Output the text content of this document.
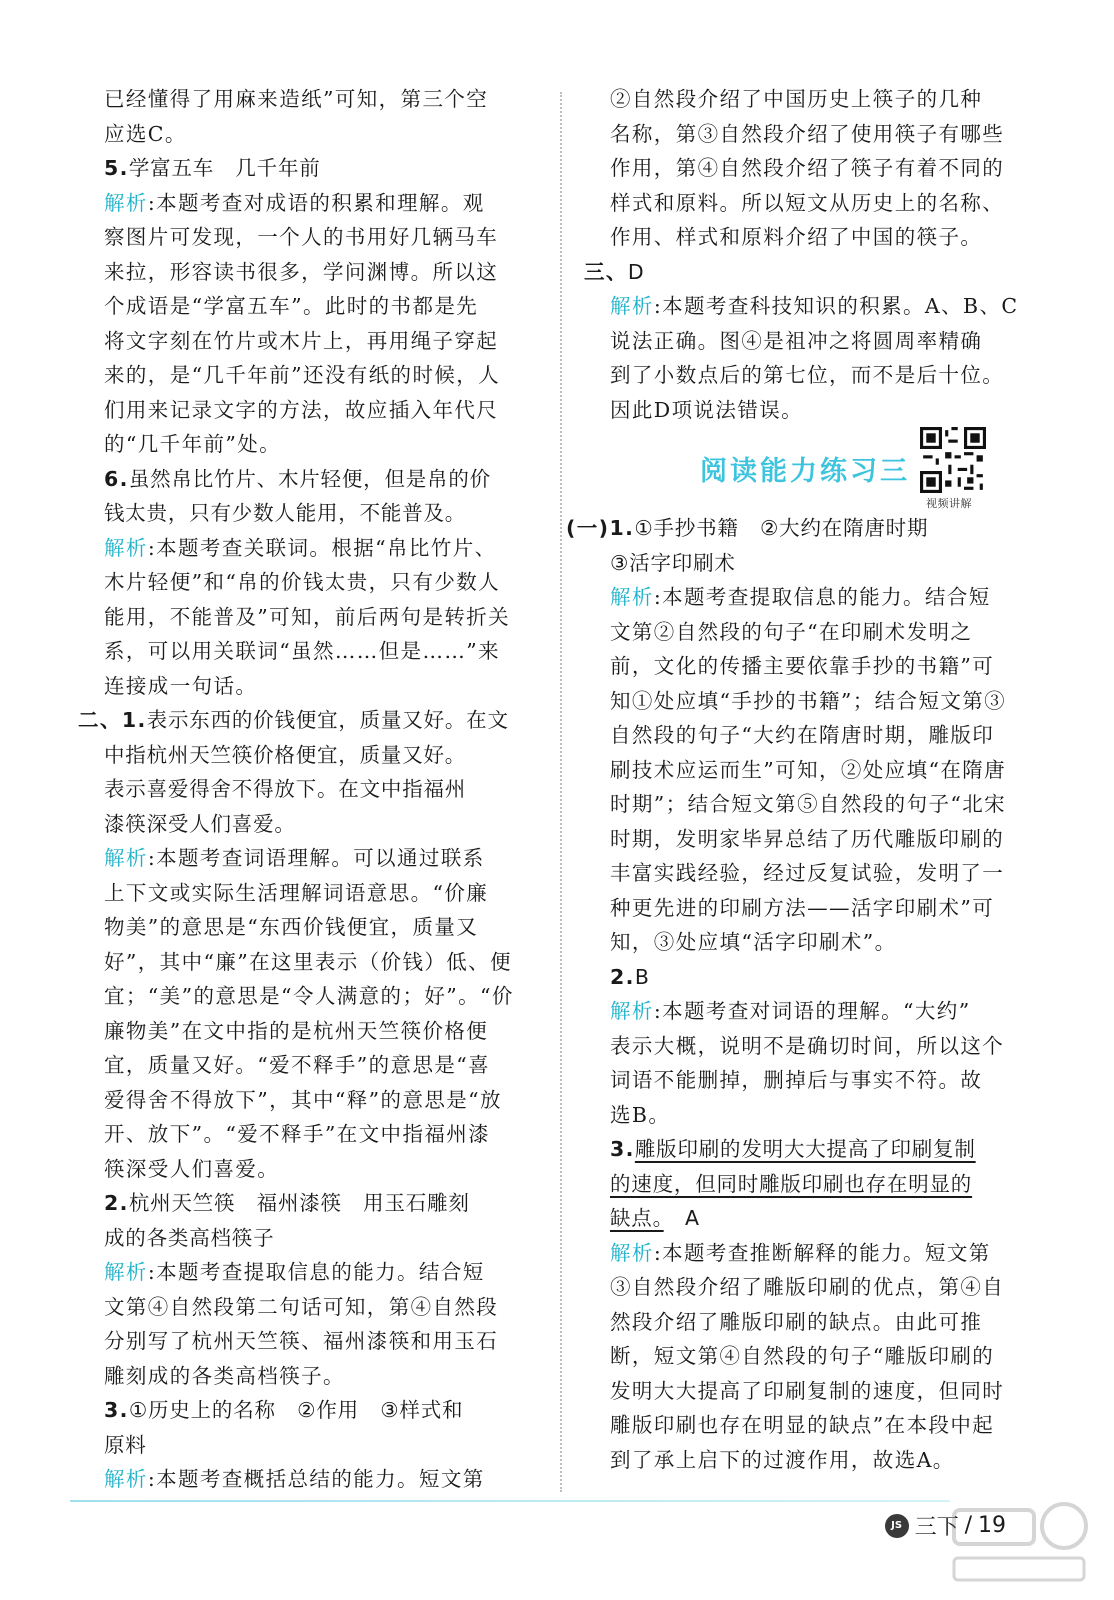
已经懂得了用麻来造纸”可知，第三个空
应选C。
5.学富五车　几千年前
解析:本题考查对成语的积累和理解。观
察图片可发现，一个人的书用好几辆马车
来拉，形容读书很多，学问渊博。所以这
个成语是“学富五车”。此时的书都是先
将文字刻在竹片或木片上，再用绳子穿起
来的，是“几千年前”还没有纸的时候，人
们用来记录文字的方法，故应插入年代尺
的“几千年前”处。
6.虽然帛比竹片、木片轻便，但是帛的价
钱太贵，只有少数人能用，不能普及。
解析:本题考查关联词。根据“帛比竹片、
木片轻便”和“帛的价钱太贵，只有少数人
能用，不能普及”可知，前后两句是转折关
系，可以用关联词“虽然……但是……”来
连接成一句话。
二、1.表示东西的价钱便宜，质量又好。在文
中指杭州天竺筷价格便宜，质量又好。
表示喜爱得舍不得放下。在文中指福州
漆筷深受人们喜爱。
解析:本题考查词语理解。可以通过联系
上下文或实际生活理解词语意思。“价廉
物美”的意思是“东西价钱便宜，质量又
好”，其中“廉”在这里表示（价钱）低、便
宜；“美”的意思是“令人满意的；好”。“价
廉物美”在文中指的是杭州天竺筷价格便
宜，质量又好。“爱不释手”的意思是“喜
爱得舍不得放下”，其中“释”的意思是“放
开、放下”。“爱不释手”在文中指福州漆
筷深受人们喜爱。
2.杭州天竺筷　福州漆筷　用玉石雕刻
成的各类高档筷子
解析:本题考查提取信息的能力。结合短
文第④自然段第二句话可知，第④自然段
分别写了杭州天竺筷、福州漆筷和用玉石
雕刻成的各类高档筷子。
3.①历史上的名称　②作用　③样式和
原料
解析:本题考查概括总结的能力。短文第
②自然段介绍了中国历史上筷子的几种
名称，第③自然段介绍了使用筷子有哪些
作用，第④自然段介绍了筷子有着不同的
样式和原料。所以短文从历史上的名称、
作用、样式和原料介绍了中国的筷子。
三、D
解析:本题考查科技知识的积累。A、B、C
说法正确。图④是祖冲之将圆周率精确
到了小数点后的第七位，而不是后十位。
因此D项说法错误。
阅读能力练习三
视频讲解
(一)1.①手抄书籍　②大约在隋唐时期
③活字印刷术
解析:本题考查提取信息的能力。结合短
文第②自然段的句子“在印刷术发明之
前，文化的传播主要依靠手抄的书籍”可
知①处应填“手抄的书籍”；结合短文第③
自然段的句子“大约在隋唐时期，雕版印
刷技术应运而生”可知，②处应填“在隋唐
时期”；结合短文第⑤自然段的句子“北宋
时期，发明家毕昇总结了历代雕版印刷的
丰富实践经验，经过反复试验，发明了一
种更先进的印刷方法——活字印刷术”可
知，③处应填“活字印刷术”。
2.B
解析:本题考查对词语的理解。“大约”
表示大概，说明不是确切时间，所以这个
词语不能删掉，删掉后与事实不符。故
选B。
3.雕版印刷的发明大大提高了印刷复制
的速度，但同时雕版印刷也存在明显的
缺点。　A
解析:本题考查推断解释的能力。短文第
③自然段介绍了雕版印刷的优点，第④自
然段介绍了雕版印刷的缺点。由此可推
断，短文第④自然段的句子“雕版印刷的
发明大大提高了印刷复制的速度，但同时
雕版印刷也存在明显的缺点”在本段中起
到了承上启下的过渡作用，故选A。
JS 三下 / 19
